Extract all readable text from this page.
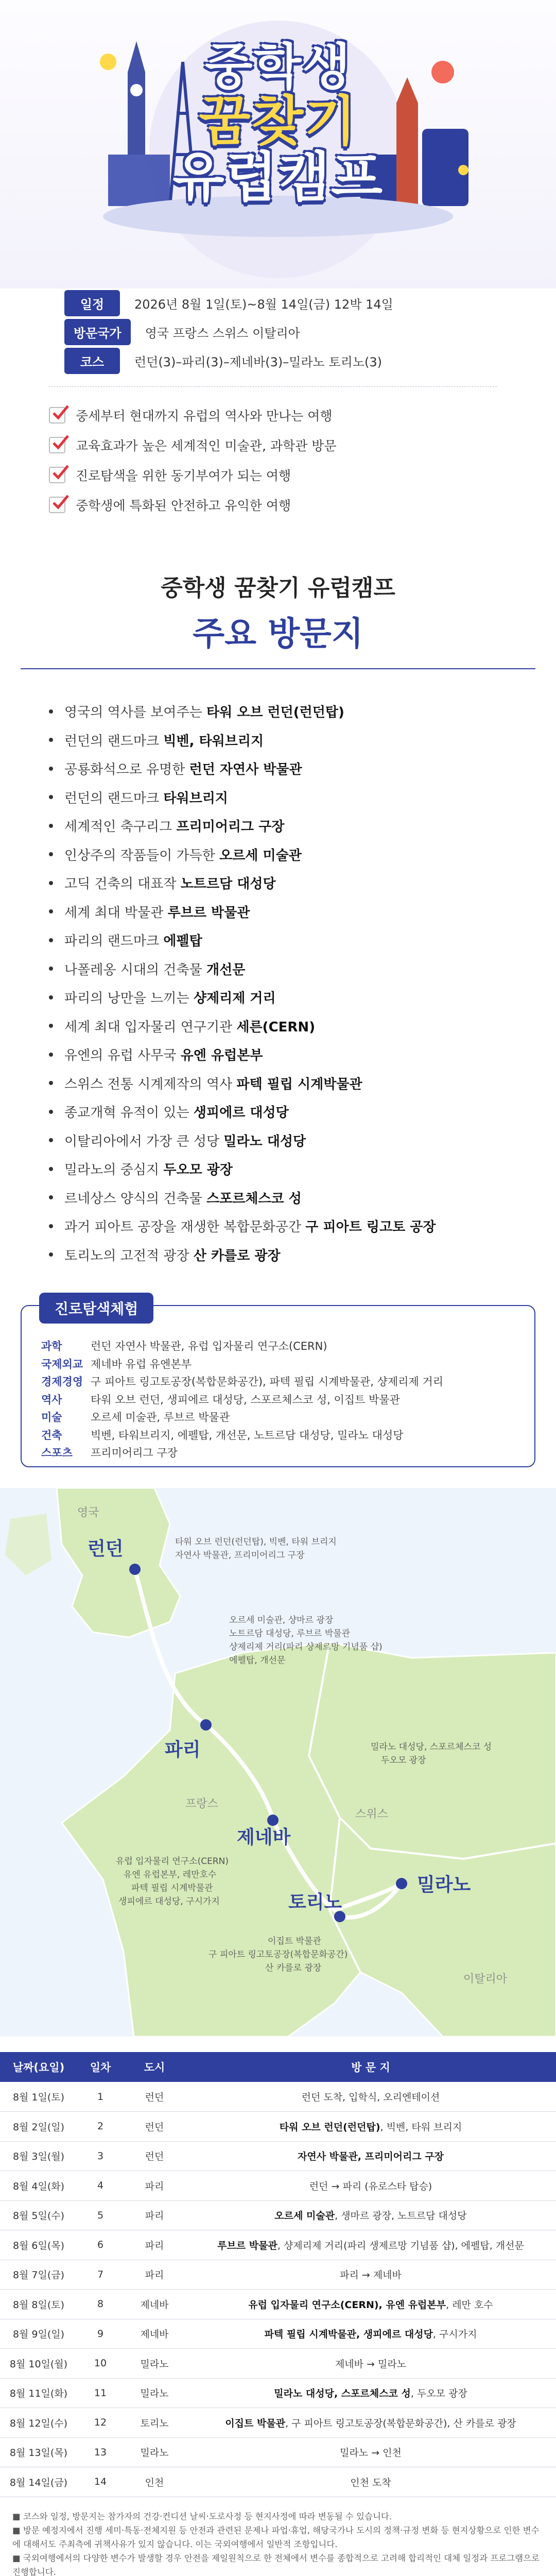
중학생
꿈찾기
유럽캠프
일정	2026년 8월 1일(토)~8월 14일(금) 12박 14일
방문국가	영국 프랑스 스위스 이탈리아
코스	런던(3)–파리(3)–제네바(3)–밀라노 토리노(3)
중세부터 현대까지 유럽의 역사와 만나는 여행
교육효과가 높은 세계적인 미술관, 과학관 방문
진로탐색을 위한 동기부여가 되는 여행
중학생에 특화된 안전하고 유익한 여행
중학생 꿈찾기 유럽캠프
주요 방문지
영국의 역사를 보여주는 타워 오브 런던(런던탑)
런던의 랜드마크 빅벤, 타워브리지
공룡화석으로 유명한 런던 자연사 박물관
런던의 랜드마크 타워브리지
세계적인 축구리그 프리미어리그 구장
인상주의 작품들이 가득한 오르세 미술관
고딕 건축의 대표작 노트르담 대성당
세계 최대 박물관 루브르 박물관
파리의 랜드마크 에펠탑
나폴레옹 시대의 건축물 개선문
파리의 낭만을 느끼는 샹제리제 거리
세계 최대 입자물리 연구기관 세른(CERN)
유엔의 유럽 사무국 유엔 유럽본부
스위스 전통 시계제작의 역사 파텍 필립 시계박물관
종교개혁 유적이 있는 생피에르 대성당
이탈리아에서 가장 큰 성당 밀라노 대성당
밀라노의 중심지 두오모 광장
르네상스 양식의 건축물 스포르체스코 성
과거 피아트 공장을 재생한 복합문화공간 구 피아트 링고토 공장
토리노의 고전적 광장 산 카를로 광장
진로탐색체험
과학	런던 자연사 박물관, 유럽 입자물리 연구소(CERN)
국제외교 제네바 유럽 유엔본부
경제경영 구 피아트 링고토공장(복합문화공간), 파텍 필립 시계박물관, 샹제리제 거리
역사	타워 오브 런던, 생피에르 대성당, 스포르체스코 성, 이집트 박물관
미술	오르세 미술관, 루브르 박물관
건축	빅벤, 타워브리지, 에펠탑, 개선문, 노트르담 대성당, 밀라노 대성당
스포츠	프리미어리그 구장
영국
프랑스
스위스
이탈리아
런던
파리
제네바
밀라노
토리노
타워 오브 런던(런던탑), 빅벤, 타워 브리지
자연사 박물관, 프리미어리그 구장
오르세 미술관, 샹마르 광장
노트르담 대성당, 루브르 박물관
샹제리제 거리(파리 샹제르망 기념품 샵)
에펠탑, 개선문
밀라노 대성당, 스포르체스코 성
두오모 광장
유럽 입자물리 연구소(CERN)
유엔 유럽본부, 레만호수
파텍 필립 시계박물관
생피에르 대성당, 구시가지
이집트 박물관
구 피아트 링고토공장(복합문화공간)
산 카를로 광장
날짜(요일)	일차	도시	방 문 지
8월 1일(토)	1	런던	런던 도착, 입학식, 오리엔테이션
8월 2일(일)	2	런던	타워 오브 런던(런던탑), 빅벤, 타워 브리지
8월 3일(월)	3	런던	자연사 박물관, 프리미어리그 구장
8월 4일(화)	4	파리	런던 → 파리 (유로스타 탑승)
8월 5일(수)	5	파리	오르세 미술관, 생마르 광장, 노트르담 대성당
8월 6일(목)	6	파리	루브르 박물관, 샹제리제 거리(파리 생제르망 기념품 샵), 에펠탑, 개선문
8월 7일(금)	7	파리	파리 → 제네바
8월 8일(토)	8	제네바	유럽 입자물리 연구소(CERN), 유엔 유럽본부, 레만 호수
8월 9일(일)	9	제네바	파텍 필립 시계박물관, 생피에르 대성당, 구시가지
8월 10일(월)	10	밀라노	제네바 → 밀라노
8월 11일(화)	11	밀라노	밀라노 대성당, 스포르체스코 성, 두오모 광장
8월 12일(수)	12	토리노	이집트 박물관, 구 피아트 링고토공장(복합문화공간), 산 카를로 광장
8월 13일(목)	13	밀라노	밀라노 → 인천
8월 14일(금)	14	인천	인천 도착

■ 코스와 일정, 방문지는 참가자의 건강·컨디션 날씨·도로사정 등 현지사정에 따라 변동될 수 있습니다.

■ 방문 예정지에서 진행 세미·특동·전체지원 등 안전과 관련된 문제나 파업·휴업, 해당국가나 도시의 정책·규정 변화 등 현지상황으로 인한 변수에 대해서도 주최측에 귀책사유가 있지 않습니다. 이는 국외여행에서 일반적 조항입니다.

■ 국외여행에서의 다양한 변수가 발생할 경우 안전을 제일원칙으로 한 전체에서 변수를 종합적으로 고려해 합리적인 대체 일정과 프로그램으로 진행합니다.
